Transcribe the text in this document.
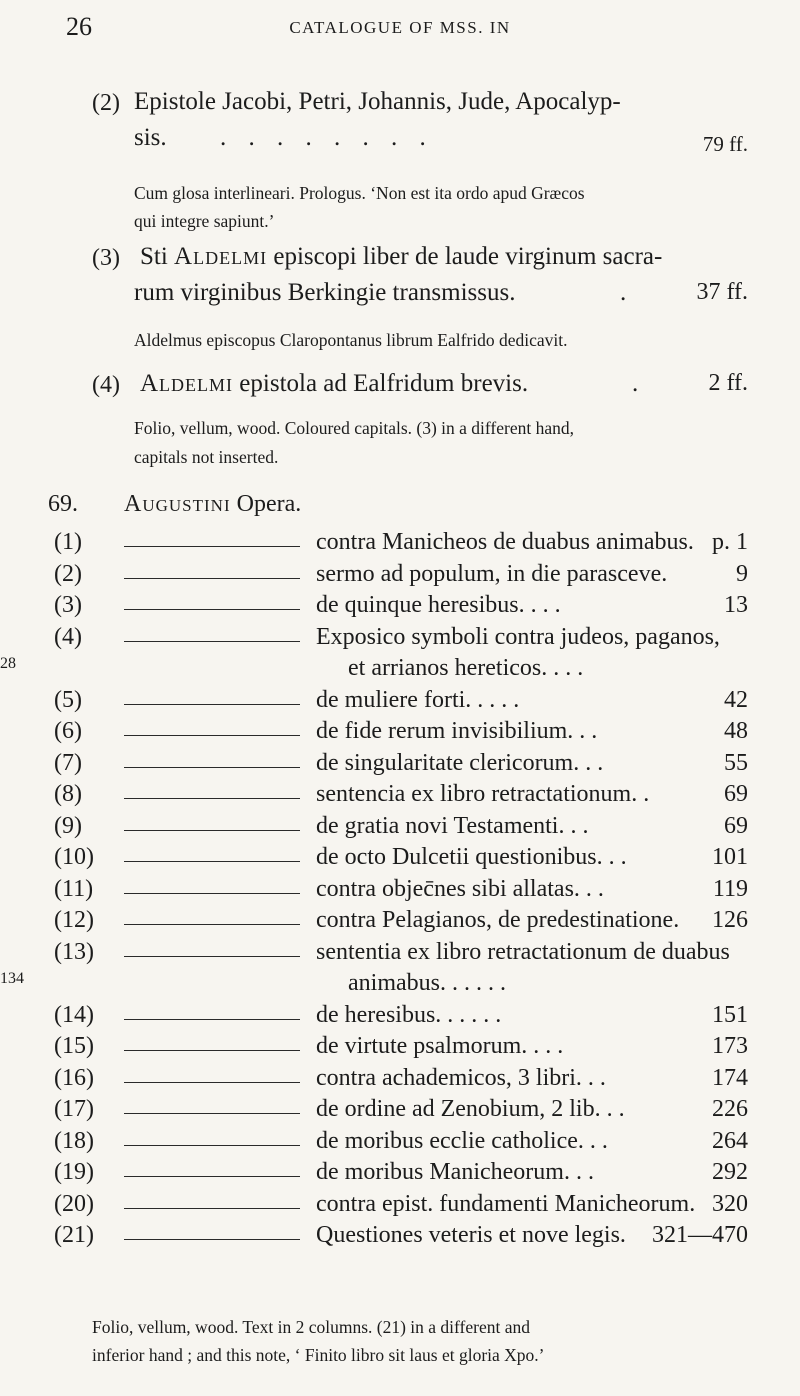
26	CATALOGUE OF MSS. IN
(2) Epistole Jacobi, Petri, Johannis, Jude, Apocalyp-
sis. . . . . . . . .	79 ff.
Cum glosa interlineari. Prologus. ‘Non est ita ordo apud Græcos
qui integre sapiunt.’
(3) Sti Aldelmi episcopi liber de laude virginum sacra-
rum virginibus Berkingie transmissus.	.	37 ff.
Aldelmus episcopus Claropontanus librum Ealfrido dedicavit.
(4) Aldelmi epistola ad Ealfridum brevis.	.	2 ff.
Folio, vellum, wood. Coloured capitals. (3) in a different hand,
capitals not inserted.
69. Augustini Opera.
(1)	contra Manicheos de duabus animabus. p. 1
(2)	sermo ad populum, in die parasceve.	9
(3)	de quinque heresibus. . . .	13
(4)	Exposico symboli contra judeos, paganos,
et arrianos hereticos. . . .
28
(5)	de muliere forti. . . . .	42
(6)	de fide rerum invisibilium. . .	48
(7)	de singularitate clericorum. . .	55
(8)	sentencia ex libro retractationum. .	69
(9)	de gratia novi Testamenti. . .	69
(10)	de octo Dulcetii questionibus. . .	101
(11)	contra objec̄nes sibi allatas. . .	119
(12)	contra Pelagianos, de predestinatione. 126
(13)	sententia ex libro retractationum de duabus
animabus. . . . . .
134
(14)	de heresibus. . . . . .	151
(15)	de virtute psalmorum. . . .	173
(16)	contra achademicos, 3 libri. . .	174
(17)	de ordine ad Zenobium, 2 lib. . .	226
(18)	de moribus ecclie catholice. . .	264
(19)	de moribus Manicheorum. . .	292
(20)	contra epist. fundamenti Manicheorum. 320
(21)	Questiones veteris et nove legis. 321—470
Folio, vellum, wood. Text in 2 columns. (21) in a different and
inferior hand ; and this note, ‘ Finito libro sit laus et gloria Xpo.’
